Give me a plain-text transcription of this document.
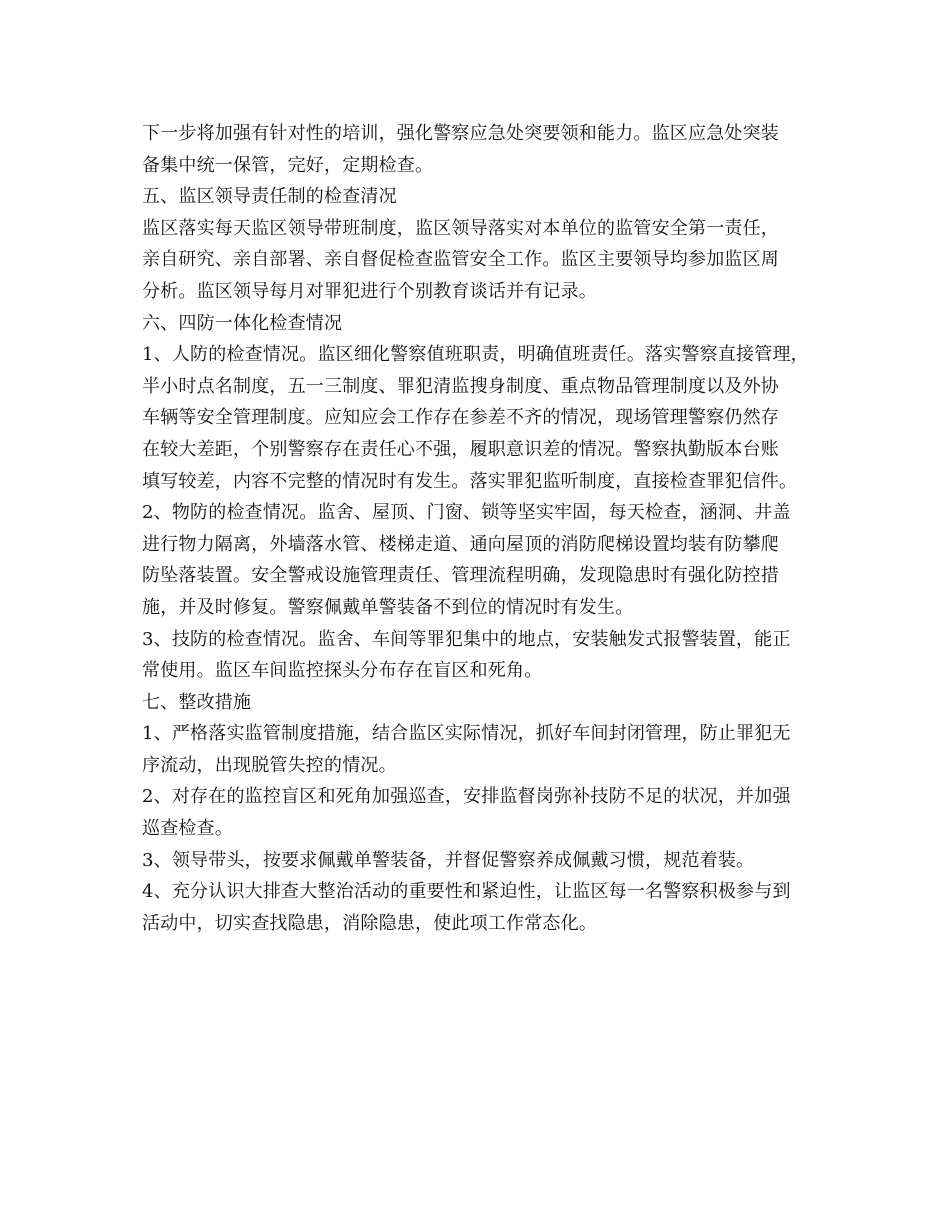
下一步将加强有针对性的培训，强化警察应急处突要领和能力。监区应急处突装
备集中统一保管，完好，定期检查。
五、监区领导责任制的检查清况
监区落实每天监区领导带班制度，监区领导落实对本单位的监管安全第一责任，
亲自研究、亲自部署、亲自督促检查监管安全工作。监区主要领导均参加监区周
分析。监区领导每月对罪犯进行个别教育谈话并有记录。
六、四防一体化检查情况
1、人防的检查情况。监区细化警察值班职责，明确值班责任。落实警察直接管理，
半小时点名制度，五一三制度、罪犯清监搜身制度、重点物品管理制度以及外协
车辆等安全管理制度。应知应会工作存在参差不齐的情况，现场管理警察仍然存
在较大差距，个别警察存在责任心不强，履职意识差的情况。警察执勤版本台账
填写较差，内容不完整的情况时有发生。落实罪犯监听制度，直接检查罪犯信件。
2、物防的检查情况。监舍、屋顶、门窗、锁等坚实牢固，每天检查，涵洞、井盖
进行物力隔离，外墙落水管、楼梯走道、通向屋顶的消防爬梯设置均装有防攀爬
防坠落装置。安全警戒设施管理责任、管理流程明确，发现隐患时有强化防控措
施，并及时修复。警察佩戴单警装备不到位的情况时有发生。
3、技防的检查情况。监舍、车间等罪犯集中的地点，安装触发式报警装置，能正
常使用。监区车间监控探头分布存在盲区和死角。
七、整改措施
1、严格落实监管制度措施，结合监区实际情况，抓好车间封闭管理，防止罪犯无
序流动，出现脱管失控的情况。
2、对存在的监控盲区和死角加强巡查，安排监督岗弥补技防不足的状况，并加强
巡查检查。
3、领导带头，按要求佩戴单警装备，并督促警察养成佩戴习惯，规范着装。
4、充分认识大排查大整治活动的重要性和紧迫性，让监区每一名警察积极参与到
活动中，切实查找隐患，消除隐患，使此项工作常态化。
